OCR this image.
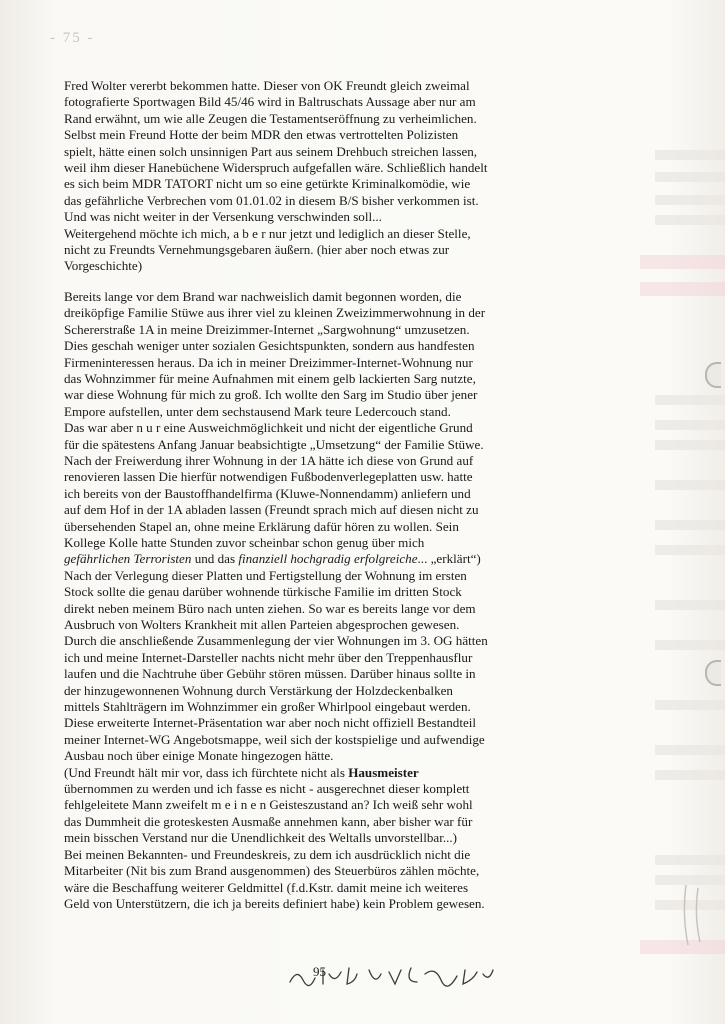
- 75 -

Fred Wolter vererbt bekommen hatte. Dieser von OK Freundt gleich zweimal
fotografierte Sportwagen Bild 45/46 wird in Baltruschats Aussage aber nur am
Rand erwähnt, um wie alle Zeugen die Testamentseröffnung zu verheimlichen.
Selbst mein Freund Hotte der beim MDR den etwas vertrottelten Polizisten
spielt, hätte einen solch unsinnigen Part aus seinem Drehbuch streichen lassen,
weil ihm dieser Hanebüchene Widerspruch aufgefallen wäre. Schließlich handelt
es sich beim MDR TATORT nicht um so eine getürkte Kriminalkomödie, wie
das gefährliche Verbrechen vom 01.01.02 in diesem B/S bisher verkommen ist.
Und was nicht weiter in der Versenkung verschwinden soll...
Weitergehend möchte ich mich, a b e r nur jetzt und lediglich an dieser Stelle,
nicht zu Freundts Vernehmungsgebaren äußern. (hier aber noch etwas zur
Vorgeschichte)

Bereits lange vor dem Brand war nachweislich damit begonnen worden, die
dreiköpfige Familie Stüwe aus ihrer viel zu kleinen Zweizimmerwohnung in der
Schererstraße 1A in meine Dreizimmer-Internet „Sargwohnung“ umzusetzen.
Dies geschah weniger unter sozialen Gesichtspunkten, sondern aus handfesten
Firmeninteressen heraus. Da ich in meiner Dreizimmer-Internet-Wohnung nur
das Wohnzimmer für meine Aufnahmen mit einem gelb lackierten Sarg nutzte,
war diese Wohnung für mich zu groß. Ich wollte den Sarg im Studio über jener
Empore aufstellen, unter dem sechstausend Mark teure Ledercouch stand.
Das war aber n u r eine Ausweichmöglichkeit und nicht der eigentliche Grund
für die spätestens Anfang Januar beabsichtigte „Umsetzung“ der Familie Stüwe.
Nach der Freiwerdung ihrer Wohnung in der 1A hätte ich diese von Grund auf
renovieren lassen Die hierfür notwendigen Fußbodenverlegeplatten usw. hatte
ich bereits von der Baustoffhandelfirma (Kluwe-Nonnendamm) anliefern und
auf dem Hof in der 1A abladen lassen (Freundt sprach mich auf diesen nicht zu
übersehenden Stapel an, ohne meine Erklärung dafür hören zu wollen. Sein
Kollege Kolle hatte Stunden zuvor scheinbar schon genug über mich
gefährlichen Terroristen und das finanziell hochgradig erfolgreiche... „erklärt“)
Nach der Verlegung dieser Platten und Fertigstellung der Wohnung im ersten
Stock sollte die genau darüber wohnende türkische Familie im dritten Stock
direkt neben meinem Büro nach unten ziehen. So war es bereits lange vor dem
Ausbruch von Wolters Krankheit mit allen Parteien abgesprochen gewesen.
Durch die anschließende Zusammenlegung der vier Wohnungen im 3. OG hätten
ich und meine Internet-Darsteller nachts nicht mehr über den Treppenhausflur
laufen und die Nachtruhe über Gebühr stören müssen. Darüber hinaus sollte in
der hinzugewonnenen Wohnung durch Verstärkung der Holzdeckenbalken
mittels Stahlträgern im Wohnzimmer ein großer Whirlpool eingebaut werden.
Diese erweiterte Internet-Präsentation war aber noch nicht offiziell Bestandteil
meiner Internet-WG Angebotsmappe, weil sich der kostspielige und aufwendige
Ausbau noch über einige Monate hingezogen hätte.
(Und Freundt hält mir vor, dass ich fürchtete nicht als Hausmeister
übernommen zu werden und ich fasse es nicht - ausgerechnet dieser komplett
fehlgeleitete Mann zweifelt m e i n e n Geisteszustand an? Ich weiß sehr wohl
das Dummheit die groteskesten Ausmaße annehmen kann, aber bisher war für
mein bisschen Verstand nur die Unendlichkeit des Weltalls unvorstellbar...)
Bei meinen Bekannten- und Freundeskreis, zu dem ich ausdrücklich nicht die
Mitarbeiter (Nit bis zum Brand ausgenommen) des Steuerbüros zählen möchte,
wäre die Beschaffung weiterer Geldmittel (f.d.Kstr. damit meine ich weiteres
Geld von Unterstützern, die ich ja bereits definiert habe) kein Problem gewesen.

95
